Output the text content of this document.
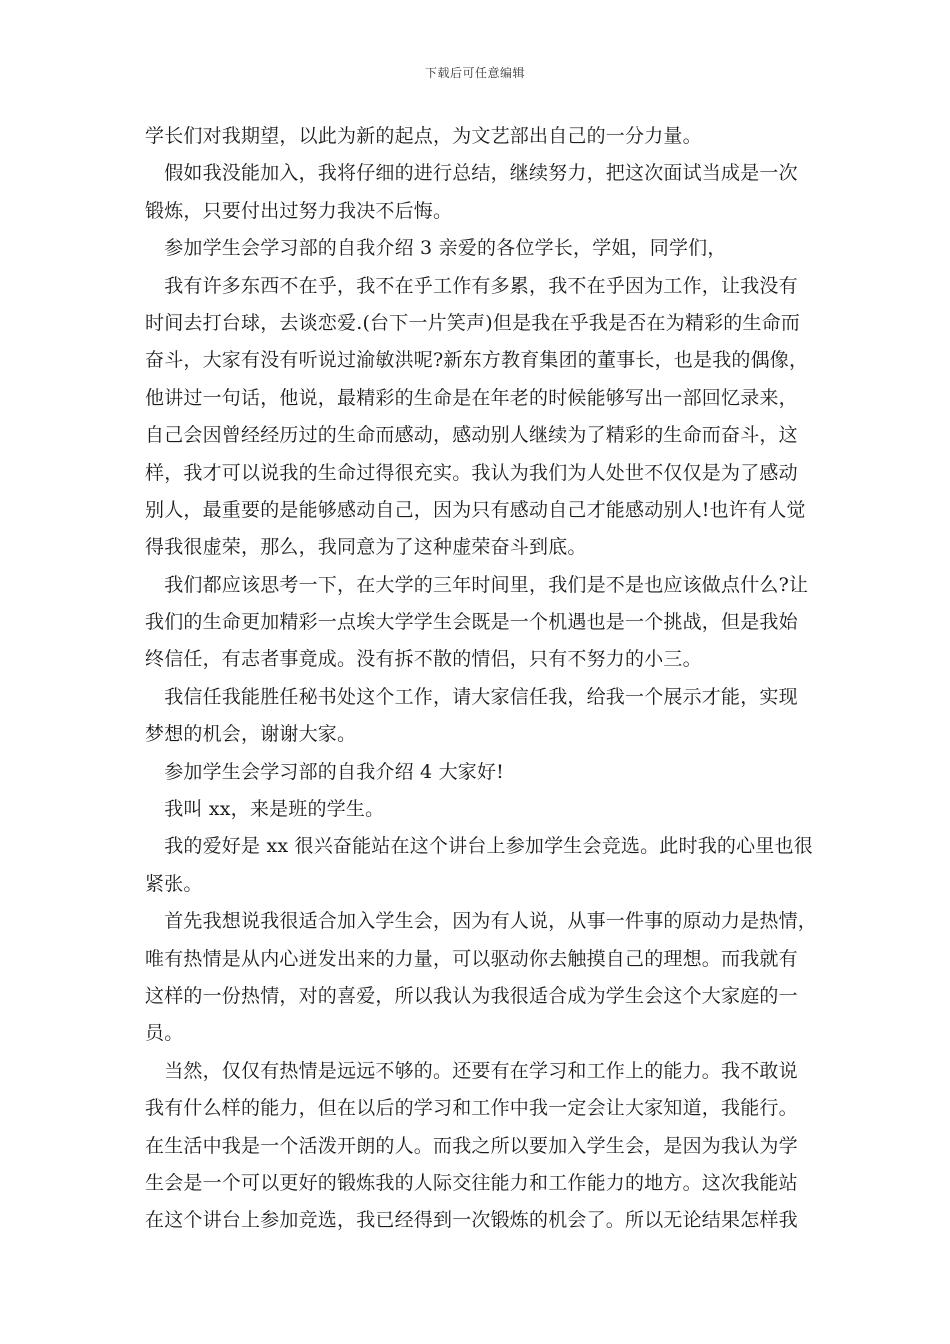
下载后可任意编辑
学长们对我期望，以此为新的起点，为文艺部出自己的一分力量。
　假如我没能加入，我将仔细的进行总结，继续努力，把这次面试当成是一次
锻炼，只要付出过努力我决不后悔。
　参加学生会学习部的自我介绍 3 亲爱的各位学长，学姐，同学们，
　我有许多东西不在乎，我不在乎工作有多累，我不在乎因为工作，让我没有
时间去打台球，去谈恋爱.(台下一片笑声)但是我在乎我是否在为精彩的生命而
奋斗，大家有没有听说过渝敏洪呢?新东方教育集团的董事长，也是我的偶像，
他讲过一句话，他说，最精彩的生命是在年老的时候能够写出一部回忆录来，
自己会因曾经经历过的生命而感动，感动别人继续为了精彩的生命而奋斗，这
样，我才可以说我的生命过得很充实。我认为我们为人处世不仅仅是为了感动
别人，最重要的是能够感动自己，因为只有感动自己才能感动别人!也许有人觉
得我很虚荣，那么，我同意为了这种虚荣奋斗到底。
　我们都应该思考一下，在大学的三年时间里，我们是不是也应该做点什么?让
我们的生命更加精彩一点埃大学学生会既是一个机遇也是一个挑战，但是我始
终信任，有志者事竟成。没有拆不散的情侣，只有不努力的小三。
　我信任我能胜任秘书处这个工作，请大家信任我，给我一个展示才能，实现
梦想的机会，谢谢大家。
　参加学生会学习部的自我介绍 4 大家好!
　我叫 xx，来是班的学生。
　我的爱好是 xx 很兴奋能站在这个讲台上参加学生会竞选。此时我的心里也很
紧张。
　首先我想说我很适合加入学生会，因为有人说，从事一件事的原动力是热情，
唯有热情是从内心迸发出来的力量，可以驱动你去触摸自己的理想。而我就有
这样的一份热情，对的喜爱，所以我认为我很适合成为学生会这个大家庭的一
员。
　当然，仅仅有热情是远远不够的。还要有在学习和工作上的能力。我不敢说
我有什么样的能力，但在以后的学习和工作中我一定会让大家知道，我能行。
在生活中我是一个活泼开朗的人。而我之所以要加入学生会，是因为我认为学
生会是一个可以更好的锻炼我的人际交往能力和工作能力的地方。这次我能站
在这个讲台上参加竞选，我已经得到一次锻炼的机会了。所以无论结果怎样我
